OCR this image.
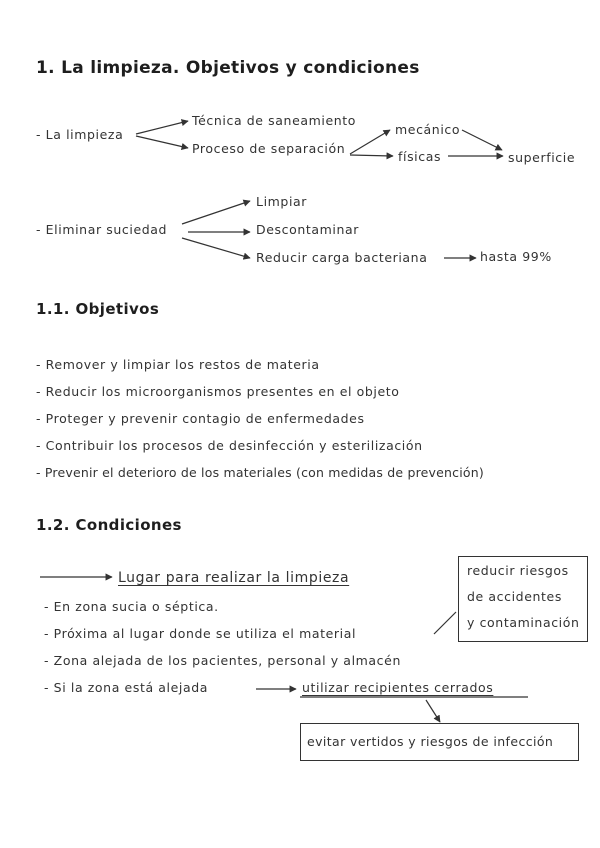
1. La limpieza. Objetivos y condiciones
- La limpieza
Técnica de saneamiento
Proceso de separación
mecánico
físicas	superficie
- Eliminar suciedad
Limpiar
Descontaminar
Reducir carga bacteriana	hasta 99%
1.1. Objetivos
- Remover y limpiar los restos de materia
- Reducir los microorganismos presentes en el objeto
- Proteger y prevenir contagio de enfermedades
- Contribuir los procesos de desinfección y esterilización
- Prevenir el deterioro de los materiales (con medidas de prevención)
1.2. Condiciones
Lugar para realizar la limpieza
- En zona sucia o séptica.
- Próxima al lugar donde se utiliza el material
- Zona alejada de los pacientes, personal y almacén
- Si la zona está alejada	utilizar recipientes cerrados
reducir riesgos
de accidentes
y contaminación
evitar vertidos y riesgos de infección
